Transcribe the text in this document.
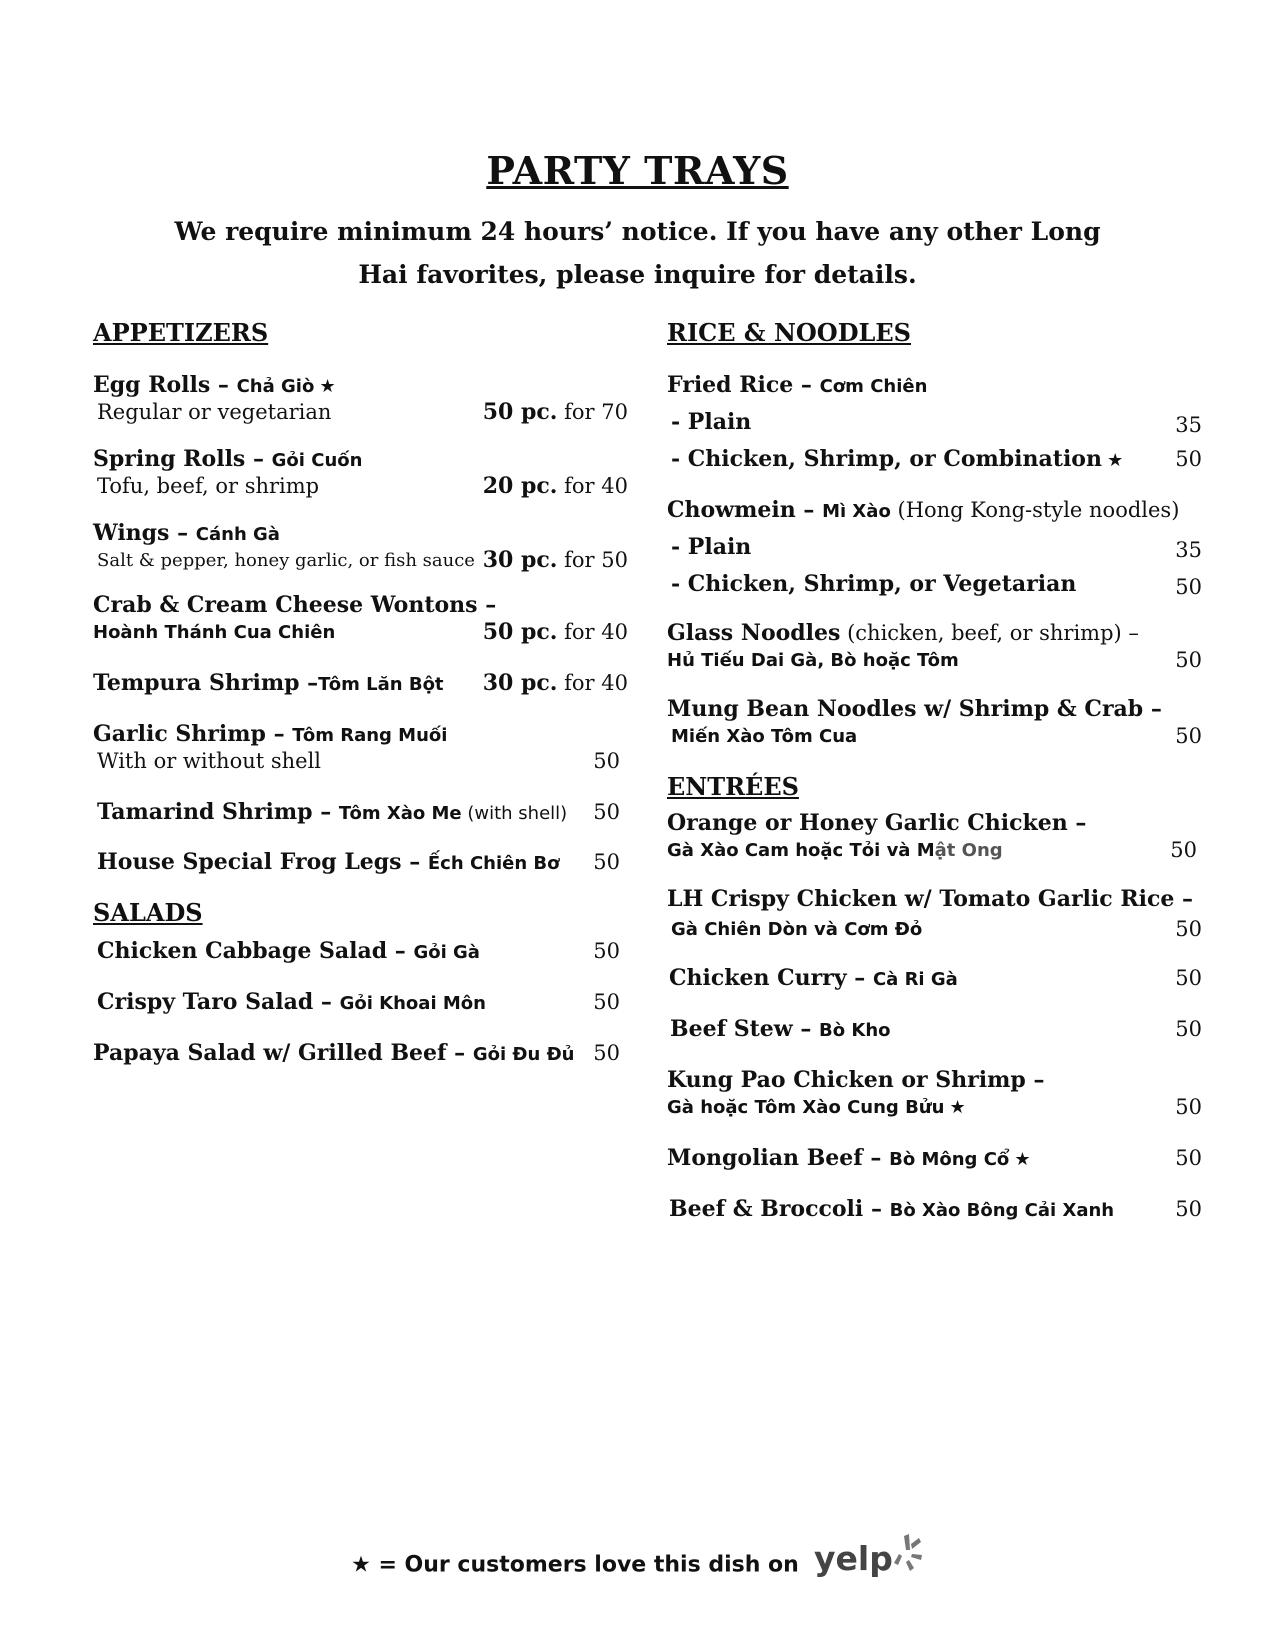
PARTY TRAYS
We require minimum 24 hours’ notice. If you have any other Long Hai favorites, please inquire for details.
APPETIZERS
Egg Rolls – Chả Giò ★
Regular or vegetarian	50 pc. for 70
Spring Rolls – Gỏi Cuốn
Tofu, beef, or shrimp	20 pc. for 40
Wings – Cánh Gà
Salt & pepper, honey garlic, or fish sauce 30 pc. for 50
Crab & Cream Cheese Wontons –
Hoành Thánh Cua Chiên	50 pc. for 40
Tempura Shrimp –Tôm Lăn Bột 30 pc. for 40
Garlic Shrimp – Tôm Rang Muối
With or without shell	50
Tamarind Shrimp – Tôm Xào Me (with shell) 50
House Special Frog Legs – Ếch Chiên Bơ 50
SALADS
Chicken Cabbage Salad – Gỏi Gà	50
Crispy Taro Salad – Gỏi Khoai Môn	50
Papaya Salad w/ Grilled Beef – Gỏi Đu Đủ 50
RICE & NOODLES
Fried Rice – Cơm Chiên
- Plain	35
- Chicken, Shrimp, or Combination ★ 50
Chowmein – Mì Xào (Hong Kong-style noodles)
- Plain	35
- Chicken, Shrimp, or Vegetarian	50
Glass Noodles (chicken, beef, or shrimp) –
Hủ Tiếu Dai Gà, Bò hoặc Tôm	50
Mung Bean Noodles w/ Shrimp & Crab –
Miến Xào Tôm Cua	50
ENTRÉES
Orange or Honey Garlic Chicken –
Gà Xào Cam hoặc Tỏi và Mật Ong	50
LH Crispy Chicken w/ Tomato Garlic Rice –
Gà Chiên Dòn và Cơm Đỏ	50
Chicken Curry – Cà Ri Gà	50
Beef Stew – Bò Kho	50
Kung Pao Chicken or Shrimp –
Gà hoặc Tôm Xào Cung Bửu ★	50
Mongolian Beef – Bò Mông Cổ ★	50
Beef & Broccoli – Bò Xào Bông Cải Xanh	50
★ = Our customers love this dish on yelp
